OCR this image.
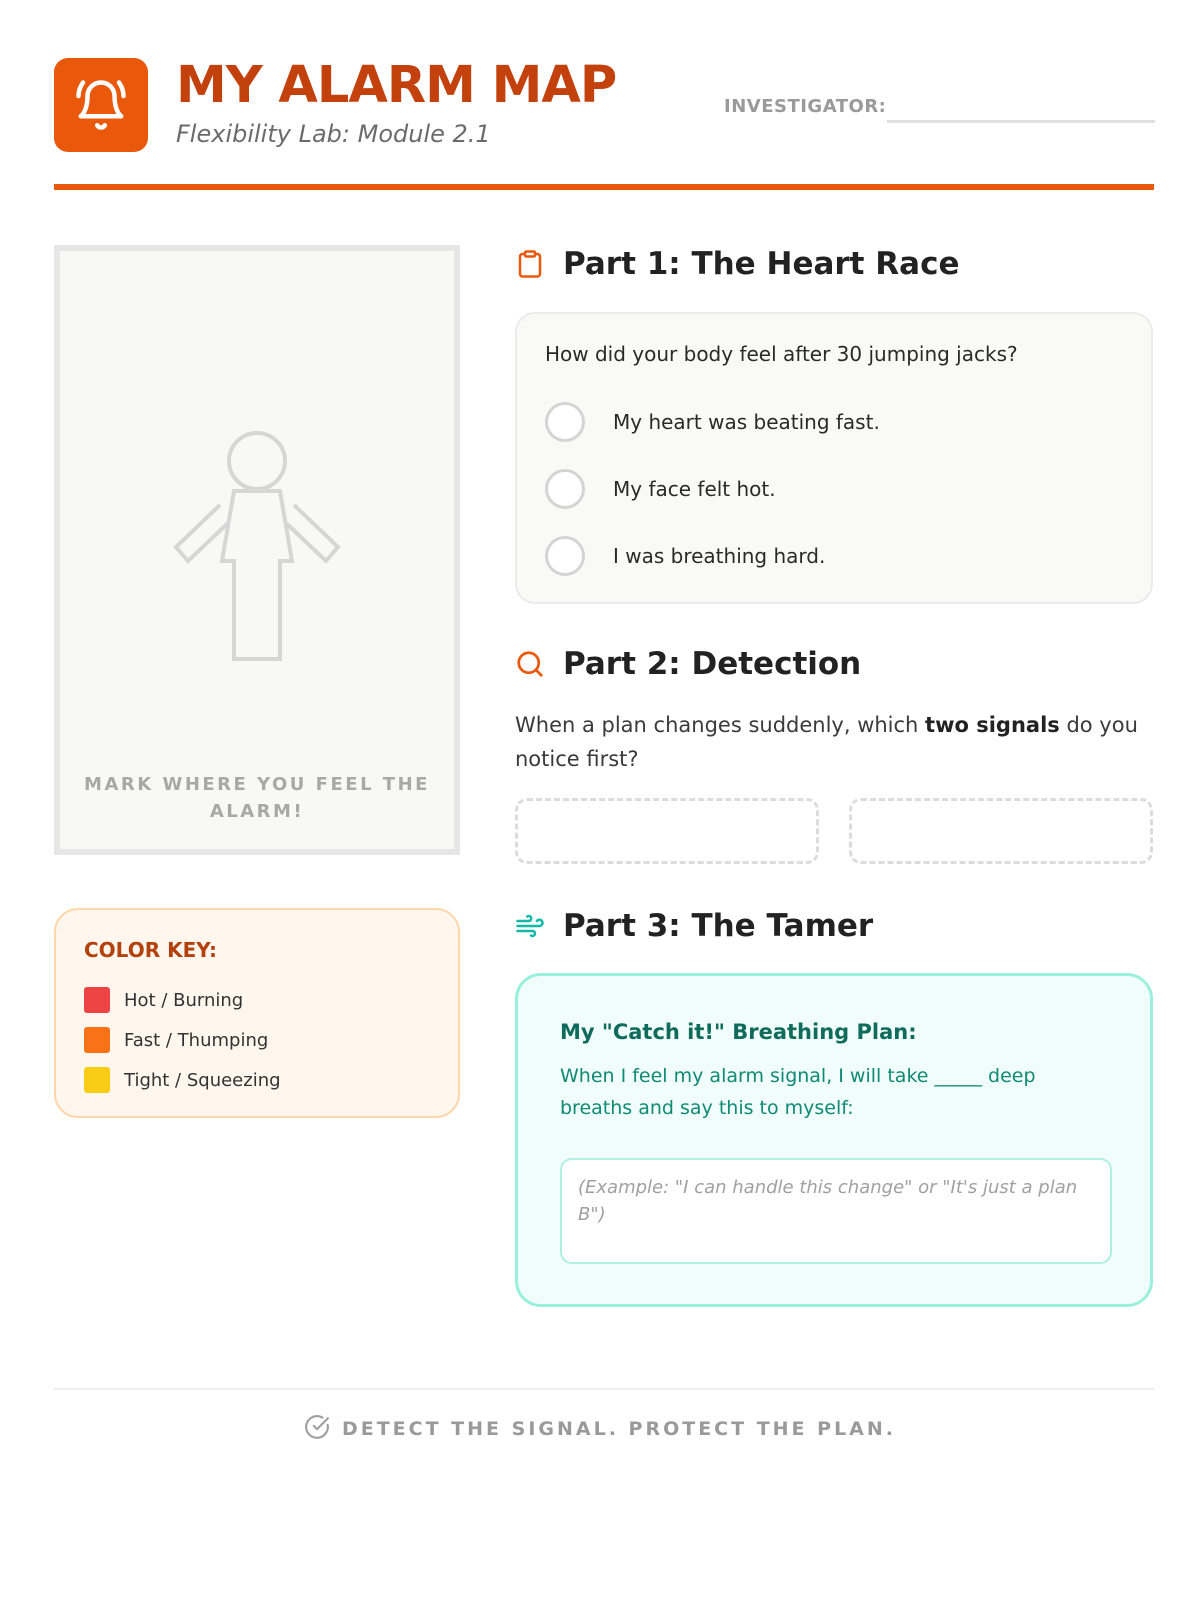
MY ALARM MAP
Flexibility Lab: Module 2.1
INVESTIGATOR:
MARK WHERE YOU FEEL THE ALARM!
COLOR KEY:
Hot / Burning
Fast / Thumping
Tight / Squeezing
Part 1: The Heart Race
How did your body feel after 30 jumping jacks?
My heart was beating fast.
My face felt hot.
I was breathing hard.
Part 2: Detection
When a plan changes suddenly, which two signals do you notice first?
Part 3: The Tamer
My "Catch it!" Breathing Plan:
When I feel my alarm signal, I will take _____ deep breaths and say this to myself:
(Example: "I can handle this change" or "It's just a plan B")
DETECT THE SIGNAL. PROTECT THE PLAN.
